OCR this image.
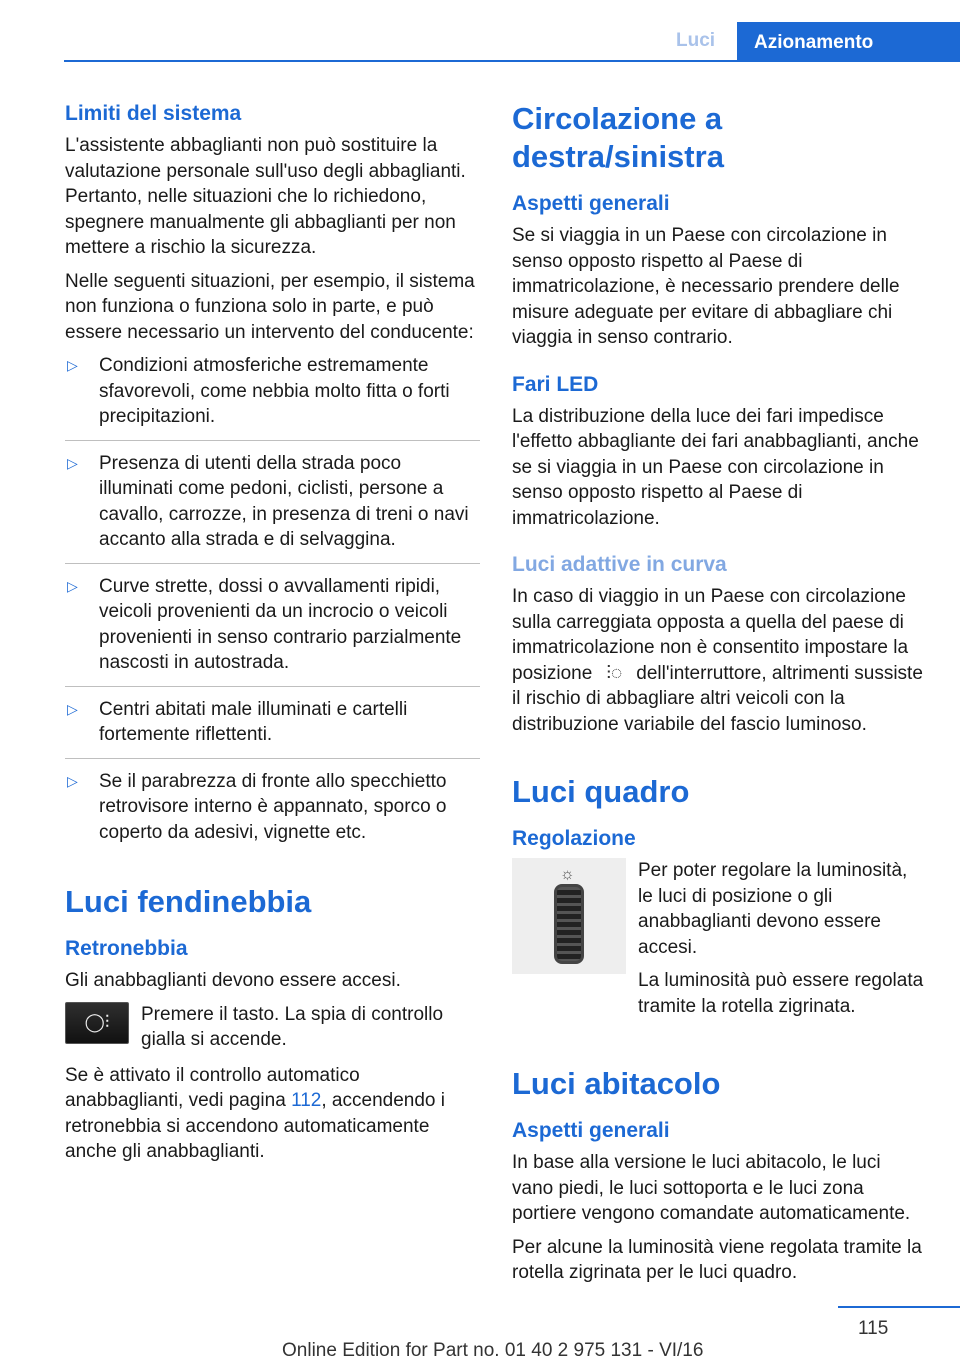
Luci	Azionamento
Limiti del sistema
L'assistente abbaglianti non può sostituire la valutazione personale sull'uso degli abbaglianti. Pertanto, nelle situazioni che lo richiedono, spegnere manualmente gli abbaglianti per non mettere a rischio la sicurezza.
Nelle seguenti situazioni, per esempio, il sistema non funziona o funziona solo in parte, e può essere necessario un intervento del conducente:
▷ Condizioni atmosferiche estremamente sfavorevoli, come nebbia molto fitta o forti precipitazioni.
▷ Presenza di utenti della strada poco illuminati come pedoni, ciclisti, persone a cavallo, carrozze, in presenza di treni o navi accanto alla strada e di selvaggina.
▷ Curve strette, dossi o avvallamenti ripidi, veicoli provenienti da un incrocio o veicoli provenienti in senso contrario parzialmente nascosti in autostrada.
▷ Centri abitati male illuminati e cartelli fortemente riflettenti.
▷ Se il parabrezza di fronte allo specchietto retrovisore interno è appannato, sporco o coperto da adesivi, vignette etc.
Luci fendinebbia
Retronebbia
Gli anabbaglianti devono essere accesi.
◯⫶	Premere il tasto. La spia di controllo gialla si accende.
Se è attivato il controllo automatico anabbaglianti, vedi pagina 112, accendendo i retronebbia si accendono automaticamente anche gli anabbaglianti.
Circolazione a destra/sinistra
Aspetti generali
Se si viaggia in un Paese con circolazione in senso opposto rispetto al Paese di immatricolazione, è necessario prendere delle misure adeguate per evitare di abbagliare chi viaggia in senso contrario.
Fari LED
La distribuzione della luce dei fari impedisce l'effetto abbagliante dei fari anabbaglianti, anche se si viaggia in un Paese con circolazione in senso opposto rispetto al Paese di immatricolazione.
Luci adattive in curva
In caso di viaggio in un Paese con circolazione sulla carreggiata opposta a quella del paese di immatricolazione non è consentito impostare la posizione ⫶◌ dell'interruttore, altrimenti sussiste il rischio di abbagliare altri veicoli con la distribuzione variabile del fascio luminoso.
Luci quadro
Regolazione
☼	Per poter regolare la luminosità, le luci di posizione o gli anabbaglianti devono essere accesi.
La luminosità può essere regolata tramite la rotella zigrinata.
Luci abitacolo
Aspetti generali
In base alla versione le luci abitacolo, le luci vano piedi, le luci sottoporta e le luci zona portiere vengono comandate automaticamente.
Per alcune la luminosità viene regolata tramite la rotella zigrinata per le luci quadro.
115
Online Edition for Part no. 01 40 2 975 131 - VI/16
